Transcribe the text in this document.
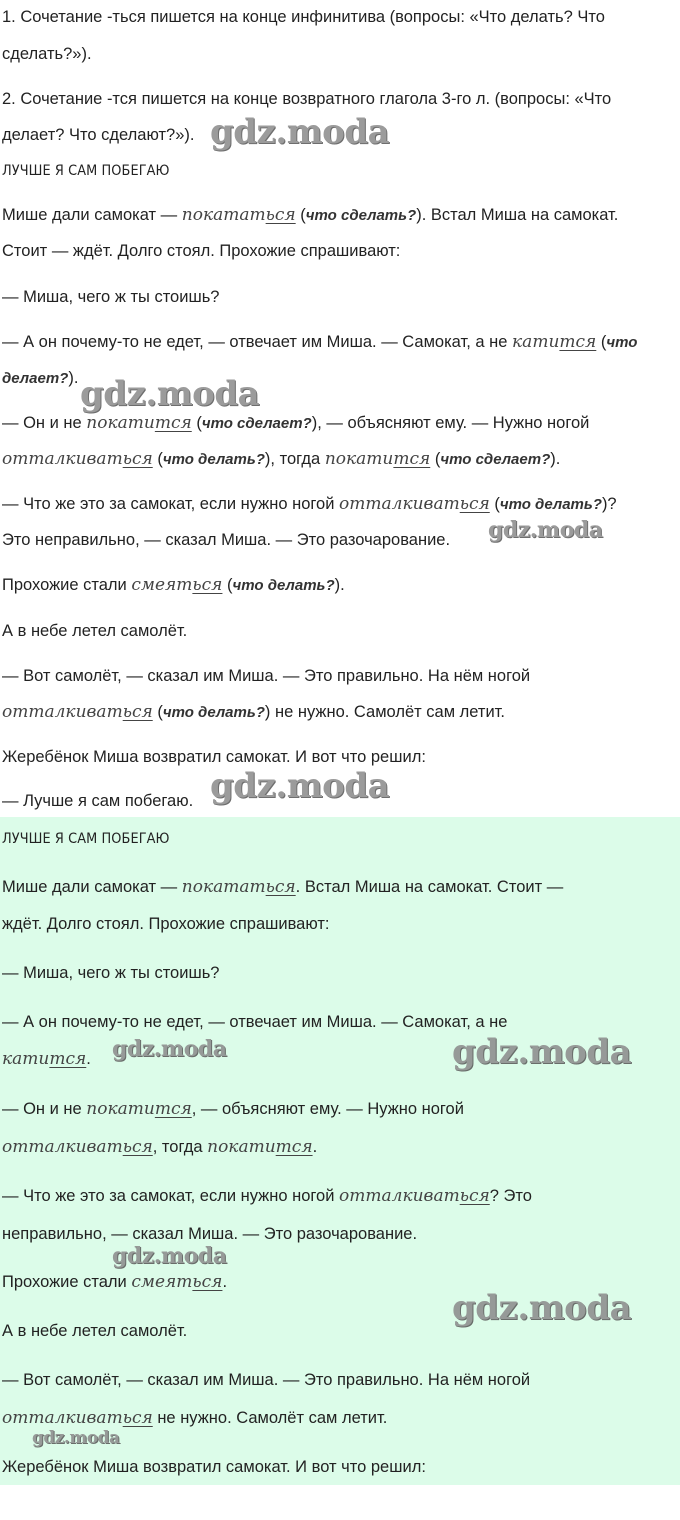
1. Сочетание -ться пишется на конце инфинитива (вопросы: «Что делать? Что
сделать?»).
2. Сочетание -тся пишется на конце возвратного глагола 3-го л. (вопросы: «Что
делает? Что сделают?»). gdz.moda
ЛУЧШЕ Я САМ ПОБЕГАЮ
Мише дали самокат — покататься (что сделать?). Встал Миша на самокат.
Стоит — ждёт. Долго стоял. Прохожие спрашивают:
— Миша, чего ж ты стоишь?
— А он почему-то не едет, — отвечает им Миша. — Самокат, а не катится (что
делает?).
— Он и не покатится (что сделает?), — объясняют ему. — Нужно ногой
отталкиваться (что делать?), тогда покатится (что сделает?).
— Что же это за самокат, если нужно ногой отталкиваться (что делать?)?
Это неправильно, — сказал Миша. — Это разочарование.
Прохожие стали смеяться (что делать?).
А в небе летел самолёт.
— Вот самолёт, — сказал им Миша. — Это правильно. На нём ногой
отталкиваться (что делать?) не нужно. Самолёт сам летит.
Жеребёнок Миша возвратил самокат. И вот что решил:
— Лучше я сам побегаю.
gdz.moda
gdz.moda
gdz.moda
ЛУЧШЕ Я САМ ПОБЕГАЮ
Мише дали самокат — покататься. Встал Миша на самокат. Стоит —
ждёт. Долго стоял. Прохожие спрашивают:
— Миша, чего ж ты стоишь?
— А он почему-то не едет, — отвечает им Миша. — Самокат, а не
катится.
— Он и не покатится, — объясняют ему. — Нужно ногой
отталкиваться, тогда покатится.
— Что же это за самокат, если нужно ногой отталкиваться? Это
неправильно, — сказал Миша. — Это разочарование.
Прохожие стали смеяться.
А в небе летел самолёт.
— Вот самолёт, — сказал им Миша. — Это правильно. На нём ногой
отталкиваться не нужно. Самолёт сам летит.
Жеребёнок Миша возвратил самокат. И вот что решил:
gdz.moda	gdz.moda
gdz.moda
gdz.moda
gdz.moda
